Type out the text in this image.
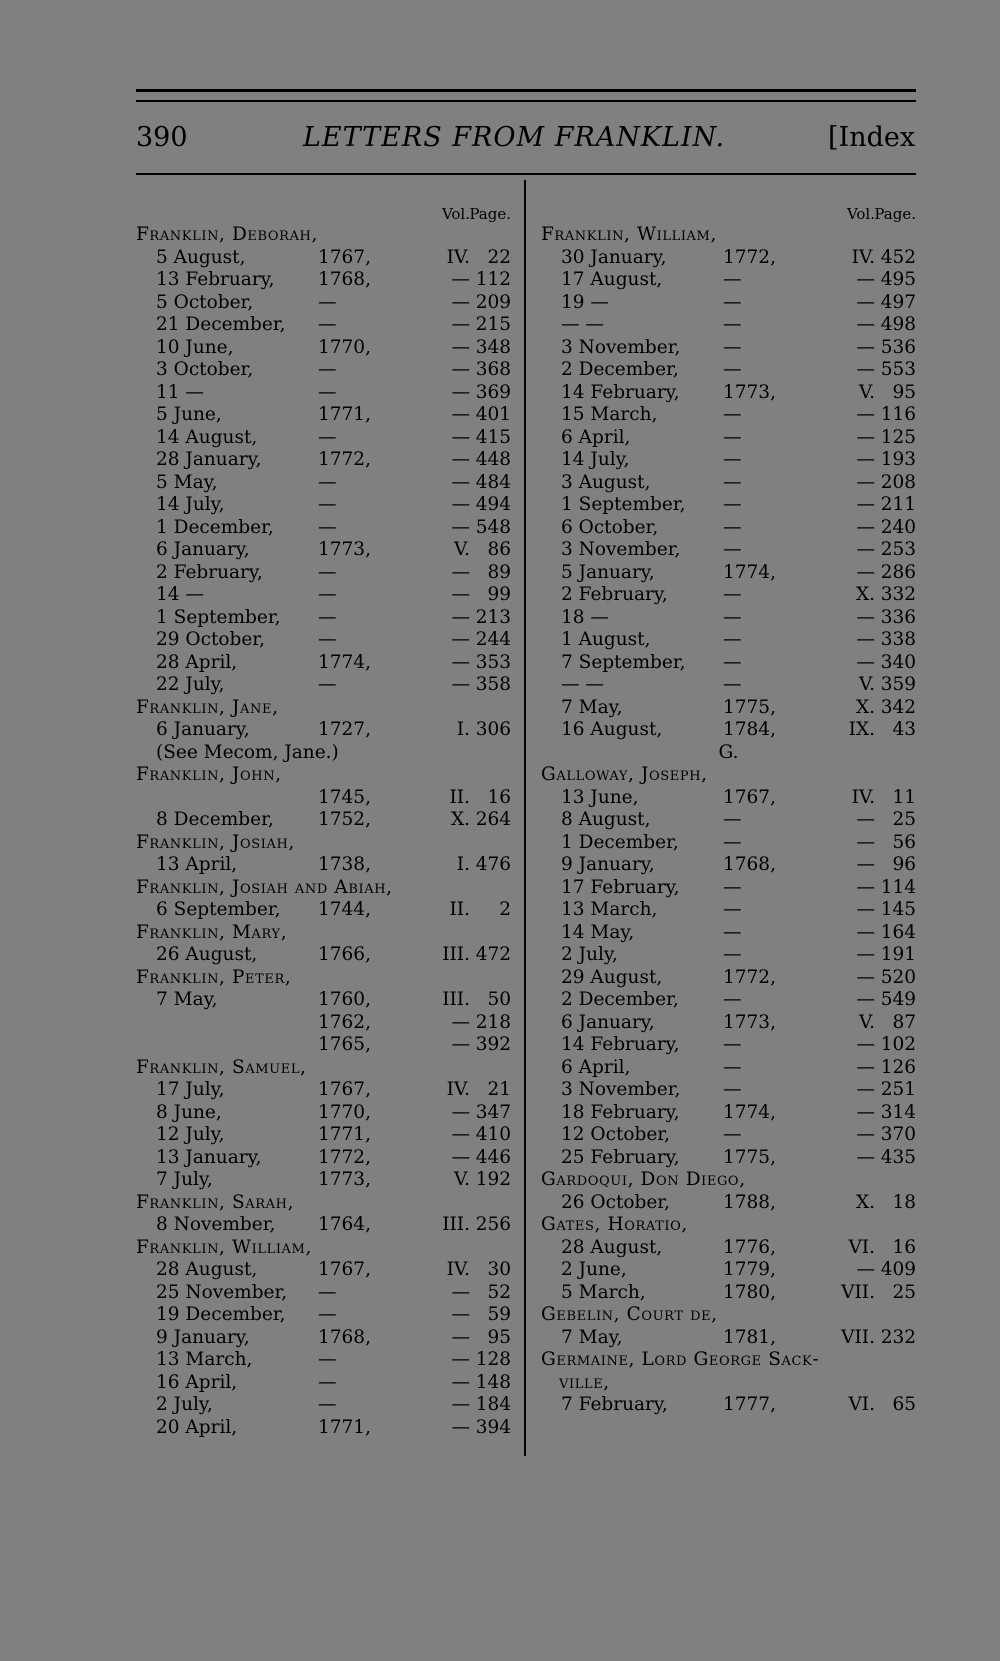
390	LETTERS FROM FRANKLIN.	[Index
Vol. Page.
Franklin, Deborah,
5 August,	1767,	IV. 22
13 February, 1768,	— 112
5 October,	—	— 209
21 December, —	— 215
10 June,	1770,	— 348
3 October,	—	— 368
11 —	—	— 369
5 June,	1771,	— 401
14 August,	—	— 415
28 January,	1772,	— 448
5 May,	—	— 484
14 July,	—	— 494
1 December, —	— 548
6 January,	1773,	V. 86
2 February,	—	— 89
14 —	—	— 99
1 September, —	— 213
29 October,	—	— 244
28 April,	1774,	— 353
22 July,	—	— 358
Franklin, Jane,
6 January,	1727,	I. 306
(See Mecom, Jane.)
Franklin, John,
1745,	II. 16
8 December, 1752,	X. 264
Franklin, Josiah,
13 April,	1738,	I. 476
Franklin, Josiah and Abiah,
6 September, 1744,	II.	2
Franklin, Mary,
26 August,	1766,	III. 472
Franklin, Peter,
7 May,	1760,	III. 50
1762,	— 218
1765,	— 392
Franklin, Samuel,
17 July,	1767,	IV. 21
8 June,	1770,	— 347
12 July,	1771,	— 410
13 January,	1772,	— 446
7 July,	1773,	V. 192
Franklin, Sarah,
8 November, 1764,	III. 256
Franklin, William,
28 August,	1767,	IV. 30
25 November, —	— 52
19 December, —	— 59
9 January,	1768,	— 95
13 March,	—	— 128
16 April,	—	— 148
2 July,	—	— 184
20 April,	1771,	— 394
Vol. Page.
Franklin, William,
30 January,	1772,	IV. 452
17 August,	—	— 495
19 —	—	— 497
— —	—	— 498
3 November, —	— 536
2 December, —	— 553
14 February, 1773,	V. 95
15 March,	—	— 116
6 April,	—	— 125
14 July,	—	— 193
3 August,	—	— 208
1 September, —	— 211
6 October,	—	— 240
3 November, —	— 253
5 January,	1774,	— 286
2 February,	—	X. 332
18 —	—	— 336
1 August,	—	— 338
7 September, —	— 340
— —	—	V. 359
7 May,	1775,	X. 342
16 August,	1784,	IX. 43
G.
Galloway, Joseph,
13 June,	1767,	IV. 11
8 August,	—	— 25
1 December, —	— 56
9 January,	1768,	— 96
17 February, —	— 114
13 March,	—	— 145
14 May,	—	— 164
2 July,	—	— 191
29 August,	1772,	— 520
2 December, —	— 549
6 January,	1773,	V. 87
14 February, —	— 102
6 April,	—	— 126
3 November, —	— 251
18 February, 1774,	— 314
12 October,	—	— 370
25 February, 1775,	— 435
Gardoqui, Don Diego,
26 October,	1788,	X. 18
Gates, Horatio,
28 August,	1776,	VI. 16
2 June,	1779,	— 409
5 March,	1780,	VII. 25
Gebelin, Court de,
7 May,	1781,	VII. 232
Germaine, Lord George Sack-
ville,
7 February,	1777,	VI. 65
